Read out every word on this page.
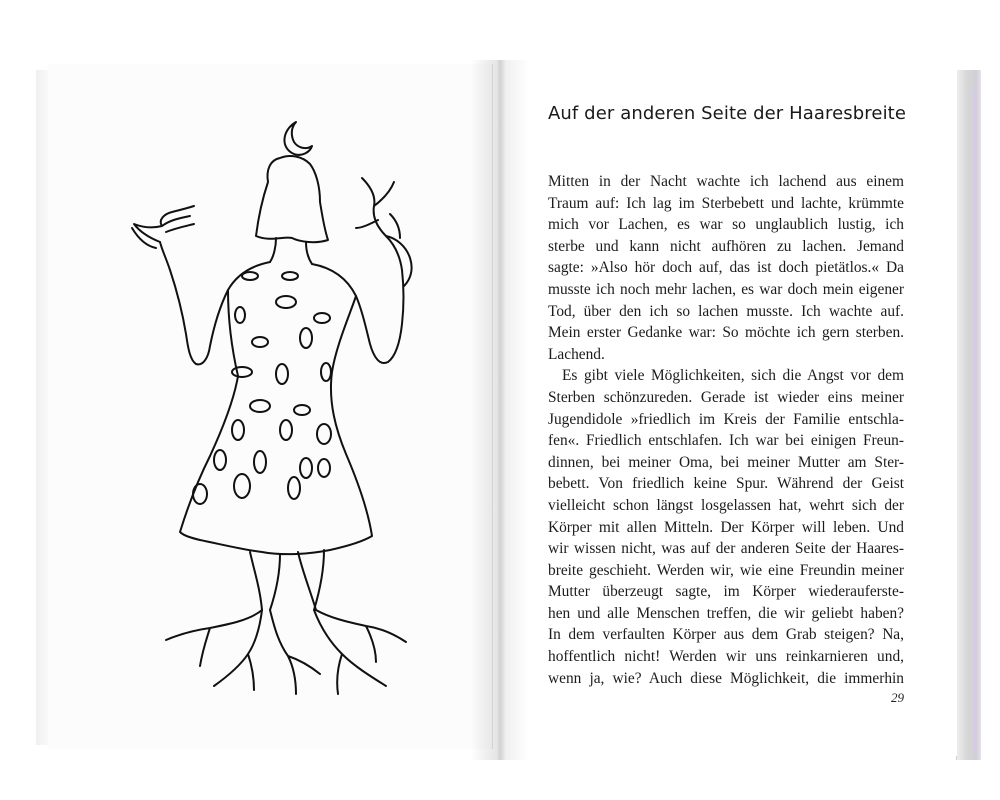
Auf der anderen Seite der Haaresbreite
Mitten in der Nacht wachte ich lachend aus einem
Traum auf: Ich lag im Sterbebett und lachte, krümmte
mich vor Lachen, es war so unglaublich lustig, ich
sterbe und kann nicht aufhören zu lachen. Jemand
sagte: »Also hör doch auf, das ist doch pietätlos.« Da
musste ich noch mehr lachen, es war doch mein eigener
Tod, über den ich so lachen musste. Ich wachte auf.
Mein erster Gedanke war: So möchte ich gern sterben.
Lachend.
Es gibt viele Möglichkeiten, sich die Angst vor dem
Sterben schönzureden. Gerade ist wieder eins meiner
Jugendidole »friedlich im Kreis der Familie entschla-
fen«. Friedlich entschlafen. Ich war bei einigen Freun-
dinnen, bei meiner Oma, bei meiner Mutter am Ster-
bebett. Von friedlich keine Spur. Während der Geist
vielleicht schon längst losgelassen hat, wehrt sich der
Körper mit allen Mitteln. Der Körper will leben. Und
wir wissen nicht, was auf der anderen Seite der Haares-
breite geschieht. Werden wir, wie eine Freundin meiner
Mutter überzeugt sagte, im Körper wiederauferste-
hen und alle Menschen treffen, die wir geliebt haben?
In dem verfaulten Körper aus dem Grab steigen? Na,
hoffentlich nicht! Werden wir uns reinkarnieren und,
wenn ja, wie? Auch diese Möglichkeit, die immerhin
29
